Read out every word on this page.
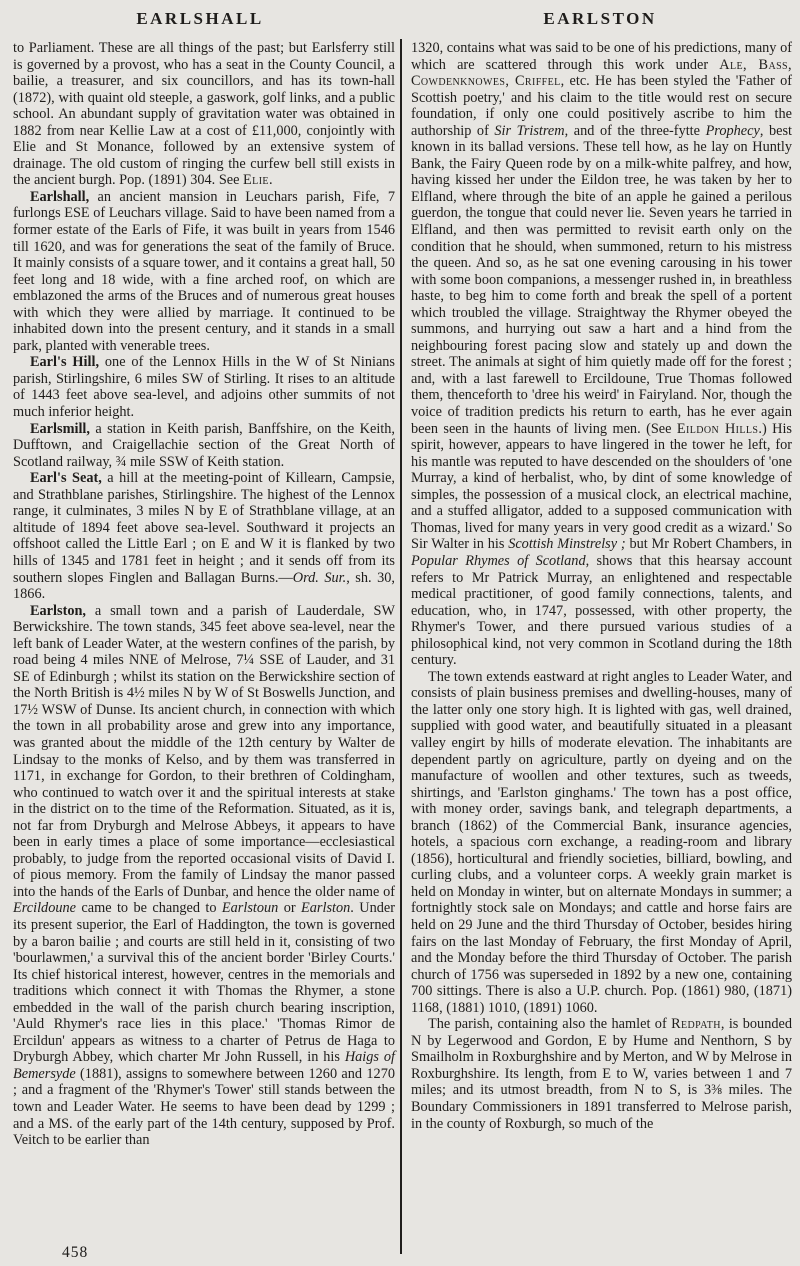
EARLSHALL	EARLSTON

to Parliament. These are all things of the past; but Earlsferry still is governed by a provost, who has a seat in the County Council, a bailie, a treasurer, and six councillors, and has its town-hall (1872), with quaint old steeple, a gaswork, golf links, and a public school. An abundant supply of gravitation water was obtained in 1882 from near Kellie Law at a cost of £11,000, conjointly with Elie and St Monance, followed by an extensive system of drainage. The old custom of ringing the curfew bell still exists in the ancient burgh. Pop. (1891) 304. See Elie.

Earlshall, an ancient mansion in Leuchars parish, Fife, 7 furlongs ESE of Leuchars village. Said to have been named from a former estate of the Earls of Fife, it was built in years from 1546 till 1620, and was for generations the seat of the family of Bruce. It mainly consists of a square tower, and it contains a great hall, 50 feet long and 18 wide, with a fine arched roof, on which are emblazoned the arms of the Bruces and of numerous great houses with which they were allied by marriage. It continued to be inhabited down into the present century, and it stands in a small park, planted with venerable trees.

Earl's Hill, one of the Lennox Hills in the W of St Ninians parish, Stirlingshire, 6 miles SW of Stirling. It rises to an altitude of 1443 feet above sea-level, and adjoins other summits of not much inferior height.

Earlsmill, a station in Keith parish, Banffshire, on the Keith, Dufftown, and Craigellachie section of the Great North of Scotland railway, ¾ mile SSW of Keith station.

Earl's Seat, a hill at the meeting-point of Killearn, Campsie, and Strathblane parishes, Stirlingshire. The highest of the Lennox range, it culminates, 3 miles N by E of Strathblane village, at an altitude of 1894 feet above sea-level. Southward it projects an offshoot called the Little Earl ; on E and W it is flanked by two hills of 1345 and 1781 feet in height ; and it sends off from its southern slopes Finglen and Ballagan Burns.—Ord. Sur., sh. 30, 1866.

Earlston, a small town and a parish of Lauderdale, SW Berwickshire. The town stands, 345 feet above sea-level, near the left bank of Leader Water, at the western confines of the parish, by road being 4 miles NNE of Melrose, 7¼ SSE of Lauder, and 31 SE of Edinburgh ; whilst its station on the Berwickshire section of the North British is 4½ miles N by W of St Boswells Junction, and 17½ WSW of Dunse. Its ancient church, in connection with which the town in all probability arose and grew into any importance, was granted about the middle of the 12th century by Walter de Lindsay to the monks of Kelso, and by them was transferred in 1171, in exchange for Gordon, to their brethren of Coldingham, who continued to watch over it and the spiritual interests at stake in the district on to the time of the Reformation. Situated, as it is, not far from Dryburgh and Melrose Abbeys, it appears to have been in early times a place of some importance—ecclesiastical probably, to judge from the reported occasional visits of David I. of pious memory. From the family of Lindsay the manor passed into the hands of the Earls of Dunbar, and hence the older name of Ercildoune came to be changed to Earlstoun or Earlston. Under its present superior, the Earl of Haddington, the town is governed by a baron bailie ; and courts are still held in it, consisting of two 'bourlawmen,' a survival this of the ancient border 'Birley Courts.' Its chief historical interest, however, centres in the memorials and traditions which connect it with Thomas the Rhymer, a stone embedded in the wall of the parish church bearing inscription, 'Auld Rhymer's race lies in this place.' 'Thomas Rimor de Ercildun' appears as witness to a charter of Petrus de Haga to Dryburgh Abbey, which charter Mr John Russell, in his Haigs of Bemersyde (1881), assigns to somewhere between 1260 and 1270 ; and a fragment of the 'Rhymer's Tower' still stands between the town and Leader Water. He seems to have been dead by 1299 ; and a MS. of the early part of the 14th century, supposed by Prof. Veitch to be earlier than

1320, contains what was said to be one of his predictions, many of which are scattered through this work under Ale, Bass, Cowdenknowes, Criffel, etc. He has been styled the 'Father of Scottish poetry,' and his claim to the title would rest on secure foundation, if only one could positively ascribe to him the authorship of Sir Tristrem, and of the three-fytte Prophecy, best known in its ballad versions. These tell how, as he lay on Huntly Bank, the Fairy Queen rode by on a milk-white palfrey, and how, having kissed her under the Eildon tree, he was taken by her to Elfland, where through the bite of an apple he gained a perilous guerdon, the tongue that could never lie. Seven years he tarried in Elfland, and then was permitted to revisit earth only on the condition that he should, when summoned, return to his mistress the queen. And so, as he sat one evening carousing in his tower with some boon companions, a messenger rushed in, in breathless haste, to beg him to come forth and break the spell of a portent which troubled the village. Straightway the Rhymer obeyed the summons, and hurrying out saw a hart and a hind from the neighbouring forest pacing slow and stately up and down the street. The animals at sight of him quietly made off for the forest ; and, with a last farewell to Ercildoune, True Thomas followed them, thenceforth to 'dree his weird' in Fairyland. Nor, though the voice of tradition predicts his return to earth, has he ever again been seen in the haunts of living men. (See Eildon Hills.) His spirit, however, appears to have lingered in the tower he left, for his mantle was reputed to have descended on the shoulders of 'one Murray, a kind of herbalist, who, by dint of some knowledge of simples, the possession of a musical clock, an electrical machine, and a stuffed alligator, added to a supposed communication with Thomas, lived for many years in very good credit as a wizard.' So Sir Walter in his Scottish Minstrelsy ; but Mr Robert Chambers, in Popular Rhymes of Scotland, shows that this hearsay account refers to Mr Patrick Murray, an enlightened and respectable medical practitioner, of good family connections, talents, and education, who, in 1747, possessed, with other property, the Rhymer's Tower, and there pursued various studies of a philosophical kind, not very common in Scotland during the 18th century.

The town extends eastward at right angles to Leader Water, and consists of plain business premises and dwelling-houses, many of the latter only one story high. It is lighted with gas, well drained, supplied with good water, and beautifully situated in a pleasant valley engirt by hills of moderate elevation. The inhabitants are dependent partly on agriculture, partly on dyeing and on the manufacture of woollen and other textures, such as tweeds, shirtings, and 'Earlston ginghams.' The town has a post office, with money order, savings bank, and telegraph departments, a branch (1862) of the Commercial Bank, insurance agencies, hotels, a spacious corn exchange, a reading-room and library (1856), horticultural and friendly societies, billiard, bowling, and curling clubs, and a volunteer corps. A weekly grain market is held on Monday in winter, but on alternate Mondays in summer; a fortnightly stock sale on Mondays; and cattle and horse fairs are held on 29 June and the third Thursday of October, besides hiring fairs on the last Monday of February, the first Monday of April, and the Monday before the third Thursday of October. The parish church of 1756 was superseded in 1892 by a new one, containing 700 sittings. There is also a U.P. church. Pop. (1861) 980, (1871) 1168, (1881) 1010, (1891) 1060.

The parish, containing also the hamlet of Redpath, is bounded N by Legerwood and Gordon, E by Hume and Nenthorn, S by Smailholm in Roxburghshire and by Merton, and W by Melrose in Roxburghshire. Its length, from E to W, varies between 1 and 7 miles; and its utmost breadth, from N to S, is 3⅜ miles. The Boundary Commissioners in 1891 transferred to Melrose parish, in the county of Roxburgh, so much of the

458
